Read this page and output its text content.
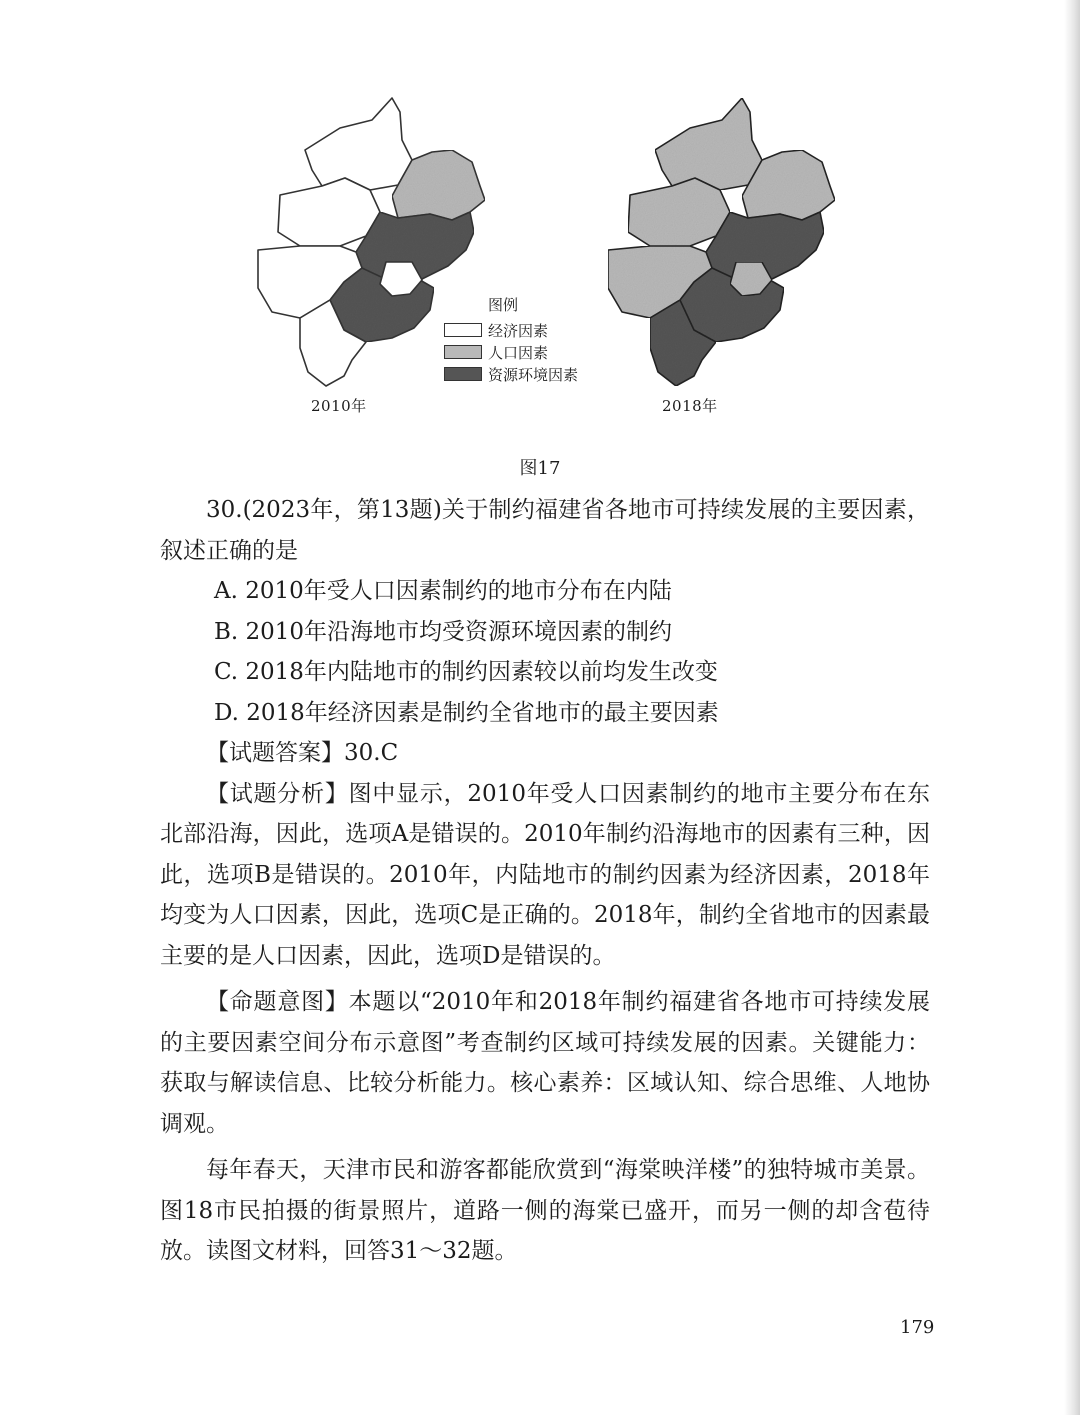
2010年	2018年
图例
经济因素
人口因素
资源环境因素
图17

30.(2023年，第13题)关于制约福建省各地市可持续发展的主要因素，叙述正确的是

A. 2010年受人口因素制约的地市分布在内陆

B. 2010年沿海地市均受资源环境因素的制约

C. 2018年内陆地市的制约因素较以前均发生改变

D. 2018年经济因素是制约全省地市的最主要因素

【试题答案】30.C

【试题分析】图中显示，2010年受人口因素制约的地市主要分布在东北部沿海，因此，选项A是错误的。2010年制约沿海地市的因素有三种，因此，选项B是错误的。2010年，内陆地市的制约因素为经济因素，2018年均变为人口因素，因此，选项C是正确的。2018年，制约全省地市的因素最主要的是人口因素，因此，选项D是错误的。

【命题意图】本题以“2010年和2018年制约福建省各地市可持续发展的主要因素空间分布示意图”考查制约区域可持续发展的因素。关键能力：获取与解读信息、比较分析能力。核心素养：区域认知、综合思维、人地协调观。

每年春天，天津市民和游客都能欣赏到“海棠映洋楼”的独特城市美景。图18市民拍摄的街景照片，道路一侧的海棠已盛开，而另一侧的却含苞待放。读图文材料，回答31～32题。

179
